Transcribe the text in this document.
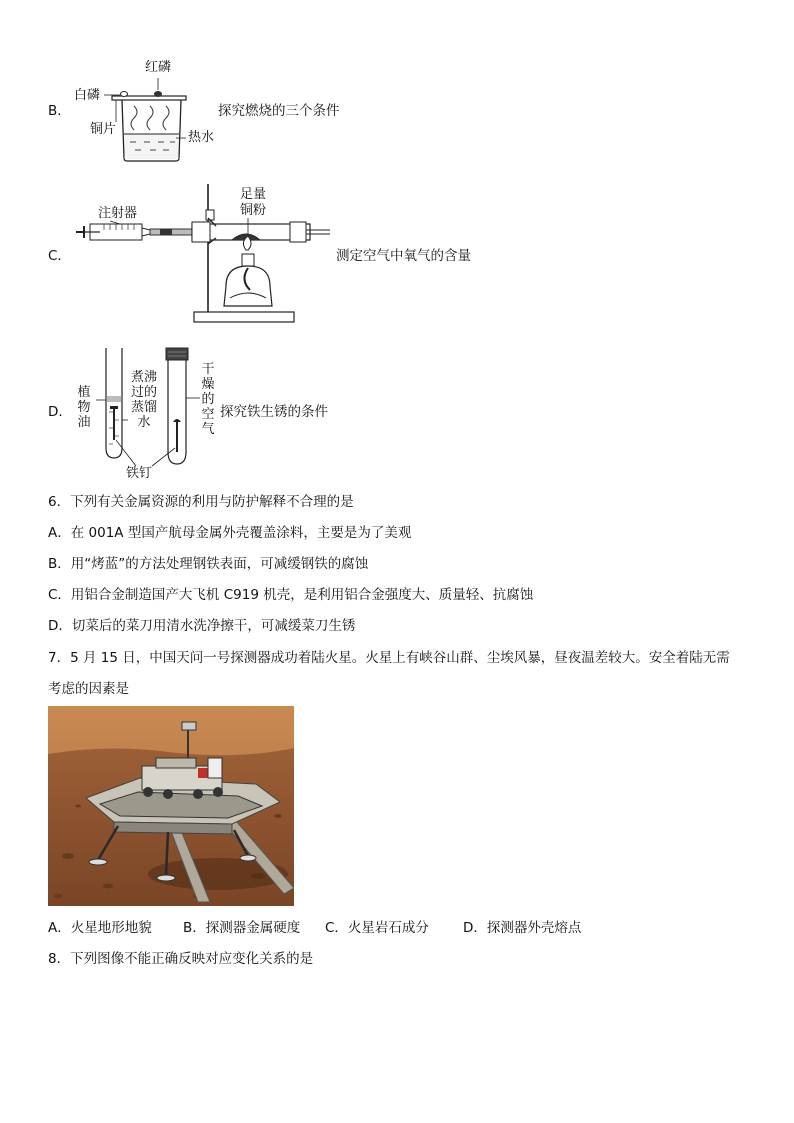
B．
红磷
白磷
铜片
热水
探究燃烧的三个条件
C．
注射器
足量
铜粉
测定空气中氧气的含量
D．
植
物
油
煮沸
过的
蒸馏
水
干
燥
的
空
气
铁钉
探究铁生锈的条件
6．下列有关金属资源的利用与防护解释不合理的是
A．在 001A 型国产航母金属外壳覆盖涂料，主要是为了美观
B．用“烤蓝”的方法处理钢铁表面，可减缓钢铁的腐蚀
C．用铝合金制造国产大飞机 C919 机壳，是利用铝合金强度大、质量轻、抗腐蚀
D．切菜后的菜刀用清水洗净擦干，可减缓菜刀生锈
7．5 月 15 日，中国天问一号探测器成功着陆火星。火星上有峡谷山群、尘埃风暴，昼夜温差较大。安全着陆无需
考虑的因素是
A．火星地形地貌 B．探测器金属硬度 C．火星岩石成分	D．探测器外壳熔点
8．下列图像不能正确反映对应变化关系的是
